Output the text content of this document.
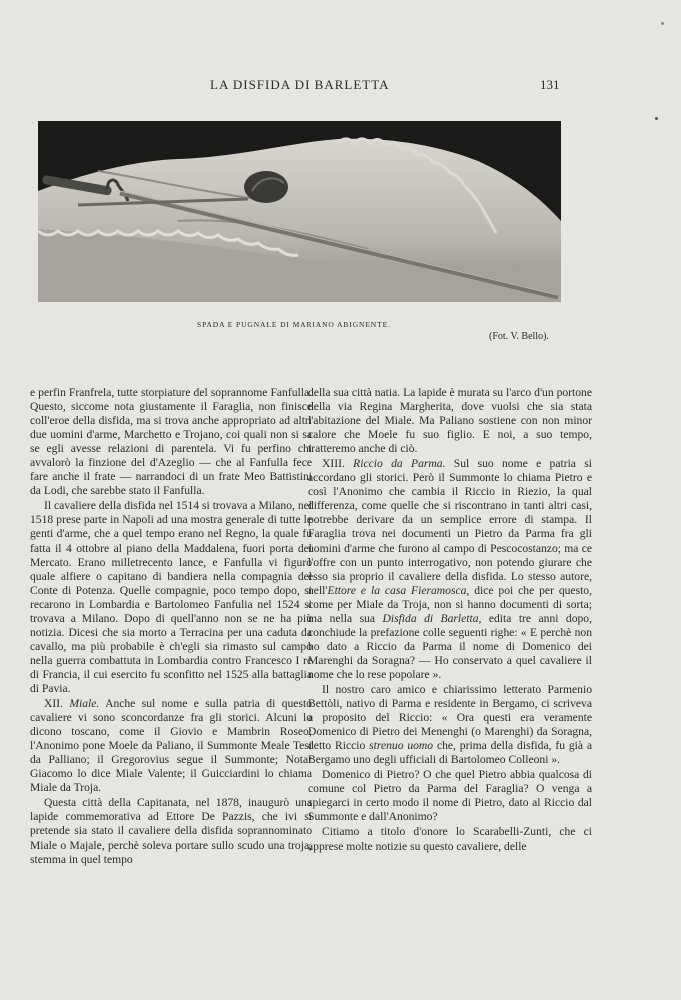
LA DISFIDA DI BARLETTA	131
SPADA E PUGNALE DI MARIANO ABIGNENTE.
(Fot. V. Bello).

e perfin Franfrela, tutte storpiature del soprannome Fanfulla. Questo, siccome nota giustamente il Faraglia, non finisce coll'eroe della disfida, ma si trova anche appropriato ad altri due uomini d'arme, Marchetto e Trojano, coi quali non si sa se egli avesse relazioni di parentela. Vi fu perfino chi avvalorò la finzione del d'Azeglio — che al Fanfulla fece fare anche il frate — narrandoci di un frate Meo Battistini da Lodi, che sarebbe stato il Fanfulla.

Il cavaliere della disfida nel 1514 si trovava a Milano, nel 1518 prese parte in Napoli ad una mostra generale di tutte le genti d'arme, che a quel tempo erano nel Regno, la quale fu fatta il 4 ottobre al piano della Maddalena, fuori porta del Mercato. Erano milletrecento lance, e Fanfulla vi figurò quale alfiere o capitano di bandiera nella compagnia del Conte di Potenza. Quelle compagnie, poco tempo dopo, si recarono in Lombardia e Bartolomeo Fanfulia nel 1524 si trovava a Milano. Dopo di quell'anno non se ne ha più notizia. Dicesi che sia morto a Terracina per una caduta da cavallo, ma più probabile è ch'egli sia rimasto sul campo nella guerra combattuta in Lombardia contro Francesco I re di Francia, il cui esercito fu sconfitto nel 1525 alla battaglia di Pavia.

XII. Miale. Anche sul nome e sulla patria di questo cavaliere vi sono sconcordanze fra gli storici. Alcuni lo dicono toscano, come il Giovio e Mambrin Roseo; l'Anonimo pone Moele da Paliano, il Summonte Meale Tesi da Palliano; il Gregorovius segue il Summonte; Notar Giacomo lo dice Miale Valente; il Guicciardini lo chiama Miale da Troja.

Questa città della Capitanata, nel 1878, inaugurò una lapide commemorativa ad Ettore De Pazzis, che ivi si pretende sia stato il cavaliere della disfida soprannominato Miale o Majale, perchè soleva portare sullo scudo una troja, stemma in quel tempo

della sua città natia. La lapide è murata su l'arco d'un portone della via Regina Margherita, dove vuolsi che sia stata l'abitazione del Miale. Ma Paliano sostiene con non minor calore che Moele fu suo figlio. E noi, a suo tempo, tratteremo anche di ciò.

XIII. Riccio da Parma. Sul suo nome e patria si accordano gli storici. Però il Summonte lo chiama Pietro e così l'Anonimo che cambia il Riccio in Riezio, la qual differenza, come quelle che si riscontrano in tanti altri casi, potrebbe derivare da un semplice errore di stampa. Il Faraglia trova nei documenti un Pietro da Parma fra gli uomini d'arme che furono al campo di Pescocostanzo; ma ce l'offre con un punto interrogativo, non potendo giurare che esso sia proprio il cavaliere della disfida. Lo stesso autore, nell'Ettore e la casa Fieramosca, dice poi che per questo, come per Miale da Troja, non si hanno documenti di sorta; ma nella sua Disfida di Barletta, edita tre anni dopo, conchiude la prefazione colle seguenti righe: « E perchè non ho dato a Riccio da Parma il nome di Domenico dei Marenghi da Soragna? — Ho conservato a quel cavaliere il nome che lo rese popolare ».

Il nostro caro amico e chiarissimo letterato Parmenio Bettòli, nativo di Parma e residente in Bergamo, ci scriveva a proposito del Riccio: « Ora questi era veramente Domenico di Pietro dei Menenghi (o Marenghi) da Soragna, detto Riccio strenuo uomo che, prima della disfida, fu già a Bergamo uno degli ufficiali di Bartolomeo Colleoni ».

Domenico di Pietro? O che quel Pietro abbia qualcosa di comune col Pietro da Parma del Faraglia? O venga a spiegarci in certo modo il nome di Pietro, dato al Riccio dal Summonte e dall'Anonimo?

Citiamo a titolo d'onore lo Scarabelli-Zunti, che ci apprese molte notizie su questo cavaliere, delle
